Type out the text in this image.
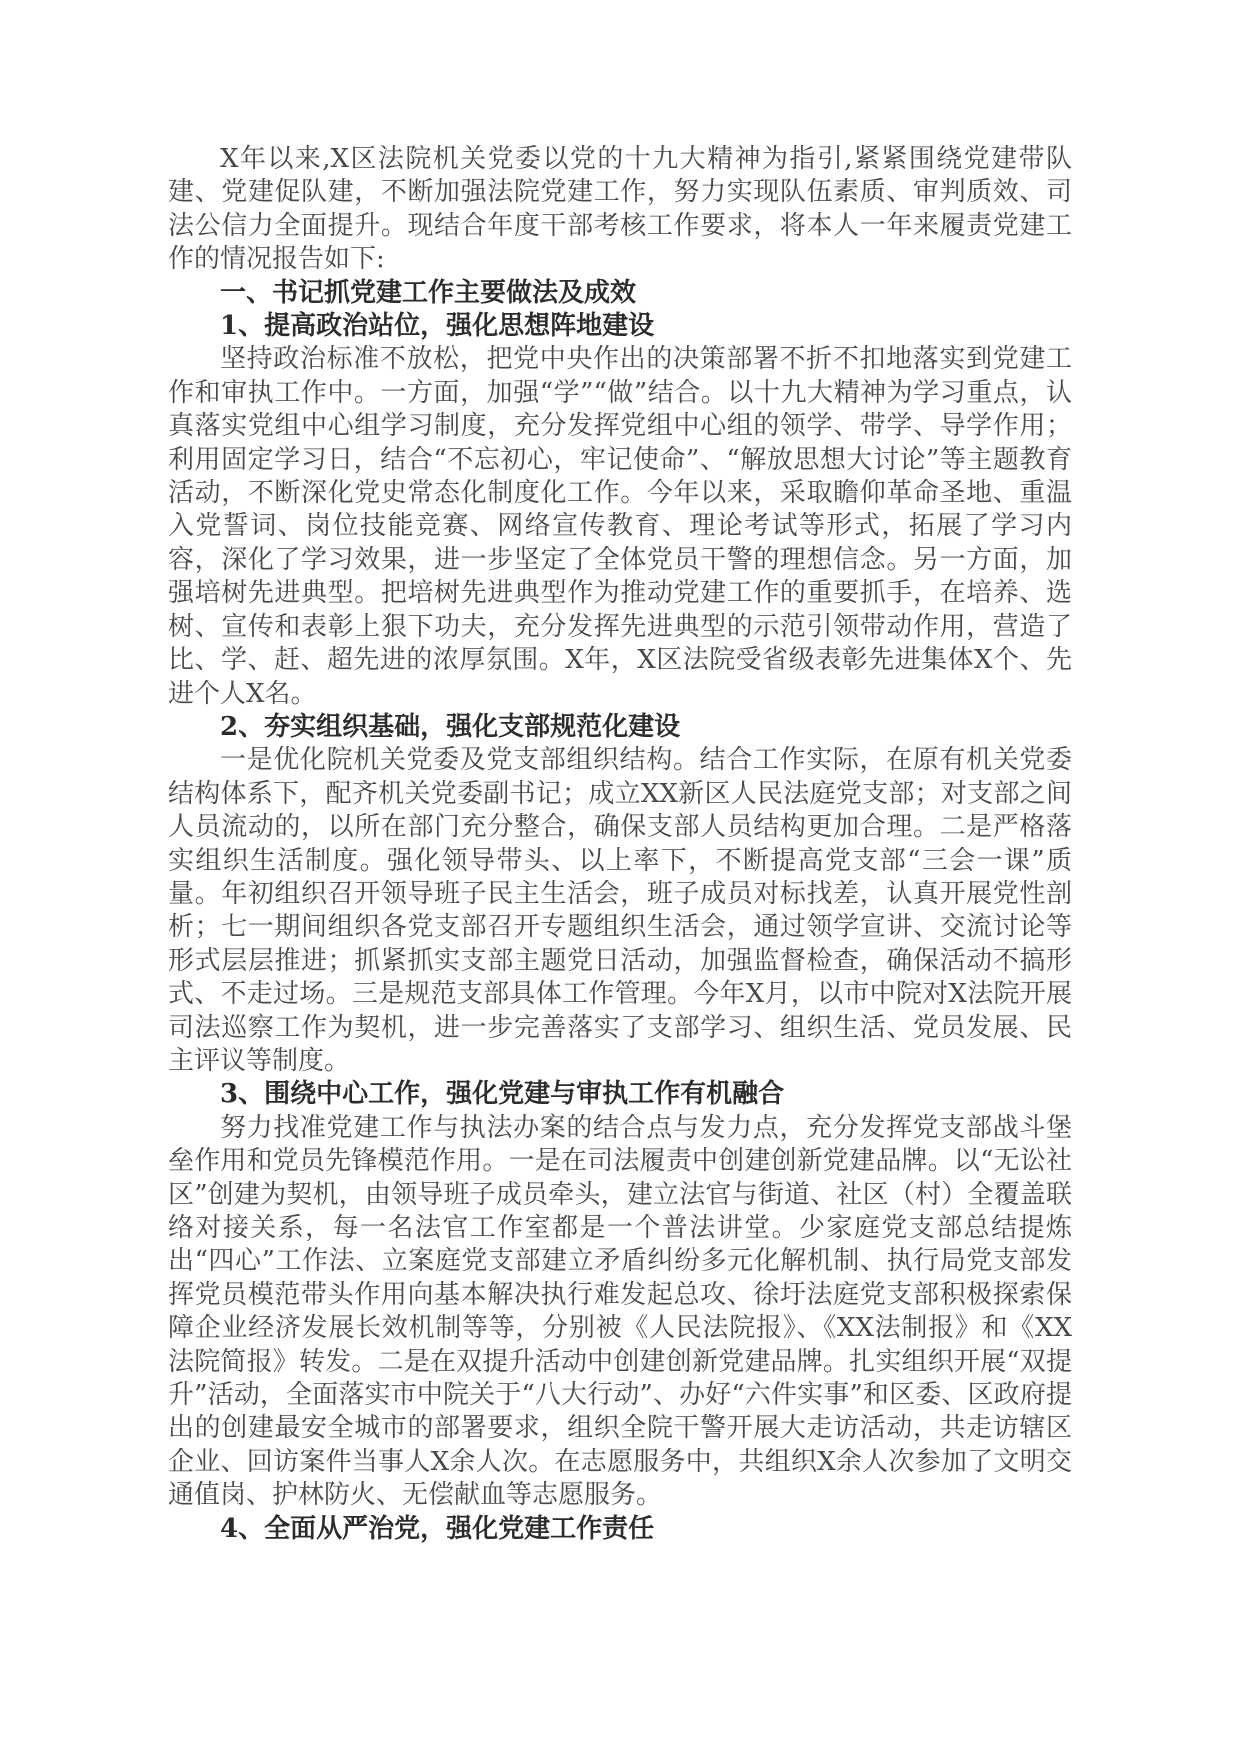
X年以来,X区法院机关党委以党的十九大精神为指引,紧紧围绕党建带队建、党建促队建，不断加强法院党建工作，努力实现队伍素质、审判质效、司法公信力全面提升。现结合年度干部考核工作要求，将本人一年来履责党建工作的情况报告如下:

一、书记抓党建工作主要做法及成效

1、提高政治站位，强化思想阵地建设

坚持政治标准不放松，把党中央作出的决策部署不折不扣地落实到党建工作和审执工作中。一方面，加强“学”“做”结合。以十九大精神为学习重点，认真落实党组中心组学习制度，充分发挥党组中心组的领学、带学、导学作用；利用固定学习日，结合“不忘初心，牢记使命”、“解放思想大讨论”等主题教育活动，不断深化党史常态化制度化工作。今年以来，采取瞻仰革命圣地、重温入党誓词、岗位技能竞赛、网络宣传教育、理论考试等形式，拓展了学习内容，深化了学习效果，进一步坚定了全体党员干警的理想信念。另一方面，加强培树先进典型。把培树先进典型作为推动党建工作的重要抓手，在培养、选树、宣传和表彰上狠下功夫，充分发挥先进典型的示范引领带动作用，营造了比、学、赶、超先进的浓厚氛围。X年，X区法院受省级表彰先进集体X个、先进个人X名。

2、夯实组织基础，强化支部规范化建设

一是优化院机关党委及党支部组织结构。结合工作实际，在原有机关党委结构体系下，配齐机关党委副书记；成立XX新区人民法庭党支部；对支部之间人员流动的，以所在部门充分整合，确保支部人员结构更加合理。二是严格落实组织生活制度。强化领导带头、以上率下，不断提高党支部“三会一课”质量。年初组织召开领导班子民主生活会，班子成员对标找差，认真开展党性剖析；七一期间组织各党支部召开专题组织生活会，通过领学宣讲、交流讨论等形式层层推进；抓紧抓实支部主题党日活动，加强监督检查，确保活动不搞形式、不走过场。三是规范支部具体工作管理。今年X月，以市中院对X法院开展司法巡察工作为契机，进一步完善落实了支部学习、组织生活、党员发展、民主评议等制度。

3、围绕中心工作，强化党建与审执工作有机融合

努力找准党建工作与执法办案的结合点与发力点，充分发挥党支部战斗堡垒作用和党员先锋模范作用。一是在司法履责中创建创新党建品牌。以“无讼社区”创建为契机，由领导班子成员牵头，建立法官与街道、社区（村）全覆盖联络对接关系，每一名法官工作室都是一个普法讲堂。少家庭党支部总结提炼出“四心”工作法、立案庭党支部建立矛盾纠纷多元化解机制、执行局党支部发挥党员模范带头作用向基本解决执行难发起总攻、徐圩法庭党支部积极探索保障企业经济发展长效机制等等，分别被《人民法院报》、《XX法制报》和《XX法院简报》转发。二是在双提升活动中创建创新党建品牌。扎实组织开展“双提升”活动，全面落实市中院关于“八大行动”、办好“六件实事”和区委、区政府提出的创建最安全城市的部署要求，组织全院干警开展大走访活动，共走访辖区企业、回访案件当事人X余人次。在志愿服务中，共组织X余人次参加了文明交通值岗、护林防火、无偿献血等志愿服务。

4、全面从严治党，强化党建工作责任
